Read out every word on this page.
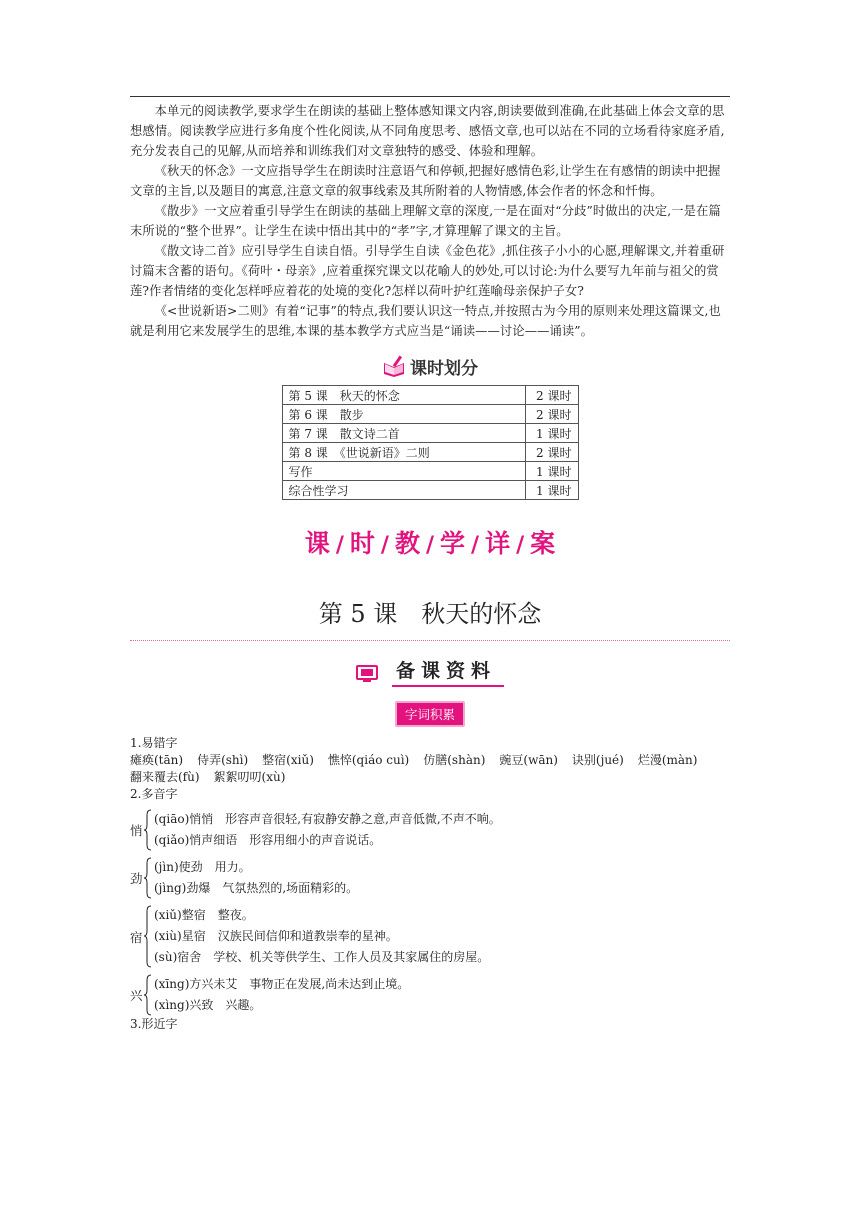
本单元的阅读教学,要求学生在朗读的基础上整体感知课文内容,朗读要做到准确,在此基础上体会文章的思想感情。阅读教学应进行多角度个性化阅读,从不同角度思考、感悟文章,也可以站在不同的立场看待家庭矛盾,充分发表自己的见解,从而培养和训练我们对文章独特的感受、体验和理解。

《秋天的怀念》一文应指导学生在朗读时注意语气和停顿,把握好感情色彩,让学生在有感情的朗读中把握文章的主旨,以及题目的寓意,注意文章的叙事线索及其所附着的人物情感,体会作者的怀念和忏悔。

《散步》一文应着重引导学生在朗读的基础上理解文章的深度,一是在面对“分歧”时做出的决定,一是在篇末所说的“整个世界”。让学生在读中悟出其中的“孝”字,才算理解了课文的主旨。

《散文诗二首》应引导学生自读自悟。引导学生自读《金色花》,抓住孩子小小的心愿,理解课文,并着重研讨篇末含蓄的语句。《荷叶・母亲》,应着重探究课文以花喻人的妙处,可以讨论:为什么要写九年前与祖父的赏莲?作者情绪的变化怎样呼应着花的处境的变化?怎样以荷叶护红莲喻母亲保护子女?

《<世说新语>二则》有着“记事”的特点,我们要认识这一特点,并按照古为今用的原则来处理这篇课文,也就是利用它来发展学生的思维,本课的基本教学方式应当是“诵读——讨论——诵读”。

课时划分
第 5 课　秋天的怀念	2 课时
第 6 课　散步	2 课时
第 7 课　散文诗二首	1 课时
第 8 课　《世说新语》二则	2 课时
写作	1 课时
综合性学习	1 课时
课 / 时 / 教 / 学 / 详 / 案
第 5 课　秋天的怀念
备课资料
字词积累

1.易错字

瘫痪(tān) 侍弄(shì) 整宿(xiǔ) 憔悴(qiáo cuì) 仿膳(shàn) 豌豆(wān) 诀别(jué) 烂漫(màn)

翻来覆去(fù) 絮絮叨叨(xù)

2.多音字

悄
(qiāo)悄悄　形容声音很轻,有寂静安静之意,声音低微,不声不响。
(qiǎo)悄声细语　形容用细小的声音说话。
劲
(jìn)使劲　用力。
(jìng)劲爆　气氛热烈的,场面精彩的。
宿
(xiǔ)整宿　整夜。
(xiù)星宿　汉族民间信仰和道教崇奉的星神。
(sù)宿舍　学校、机关等供学生、工作人员及其家属住的房屋。
兴
(xīng)方兴未艾　事物正在发展,尚未达到止境。
(xìng)兴致　兴趣。

3.形近字
